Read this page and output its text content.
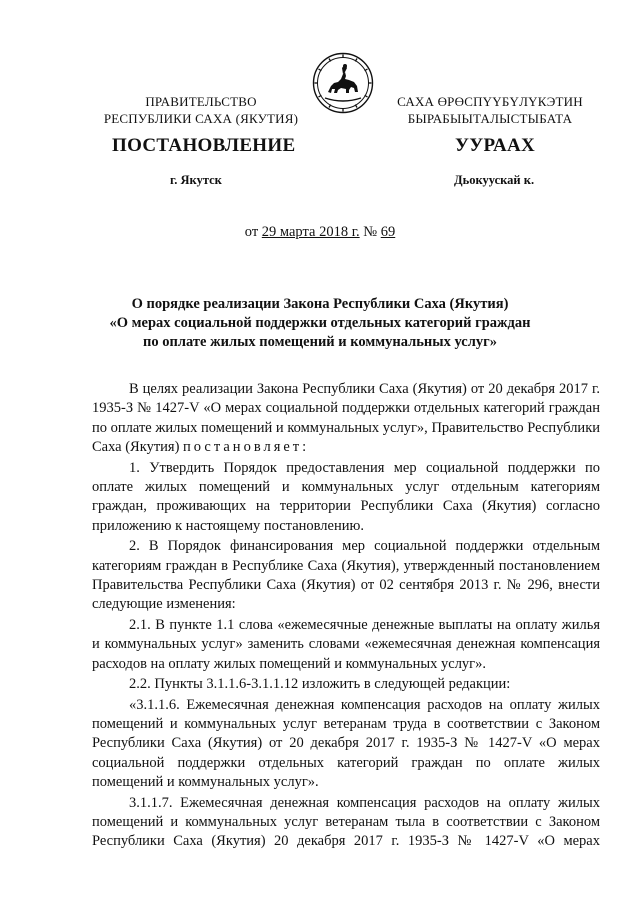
ПРАВИТЕЛЬСТВО
РЕСПУБЛИКИ САХА (ЯКУТИЯ)
САХА ӨРӨСПҮҮБҮЛҮКЭТИН
БЫРАБЫЫТАЛЫСТЫБАТА
ПОСТАНОВЛЕНИЕ	УУРААХ
г. Якутск	Дьокуускай к.
от 29 марта 2018 г. № 69
О порядке реализации Закона Республики Саха (Якутия)
«О мерах социальной поддержки отдельных категорий граждан
по оплате жилых помещений и коммунальных услуг»

В целях реализации Закона Республики Саха (Якутия) от 20 декабря 2017 г. 1935-З № 1427-V «О мерах социальной поддержки отдельных категорий граждан по оплате жилых помещений и коммунальных услуг», Правительство Республики Саха (Якутия) постановляет:

1. Утвердить Порядок предоставления мер социальной поддержки по оплате жилых помещений и коммунальных услуг отдельным категориям граждан, проживающих на территории Республики Саха (Якутия) согласно приложению к настоящему постановлению.

2. В Порядок финансирования мер социальной поддержки отдельным категориям граждан в Республике Саха (Якутия), утвержденный постановлением Правительства Республики Саха (Якутия) от 02 сентября 2013 г. № 296, внести следующие изменения:

2.1. В пункте 1.1 слова «ежемесячные денежные выплаты на оплату жилья и коммунальных услуг» заменить словами «ежемесячная денежная компенсация расходов на оплату жилых помещений и коммунальных услуг».

2.2. Пункты 3.1.1.6-3.1.1.12 изложить в следующей редакции:

«3.1.1.6. Ежемесячная денежная компенсация расходов на оплату жилых помещений и коммунальных услуг ветеранам труда в соответствии с Законом Республики Саха (Якутия) от 20 декабря 2017 г. 1935-З № 1427-V «О мерах социальной поддержки отдельных категорий граждан по оплате жилых помещений и коммунальных услуг».

3.1.1.7. Ежемесячная денежная компенсация расходов на оплату жилых помещений и коммунальных услуг ветеранам тыла в соответствии с Законом Республики Саха (Якутия) 20 декабря 2017 г. 1935-З № 1427-V «О мерах
